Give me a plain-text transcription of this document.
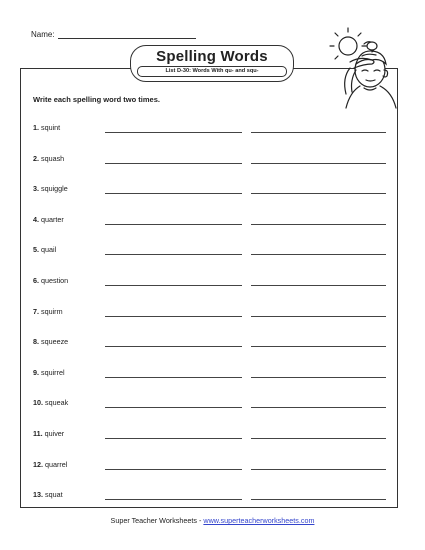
Name:
Spelling Words
List D-30: Words With qu- and squ-
Write each spelling word two times.
1. squint
2. squash
3. squiggle
4. quarter
5. quail
6. question
7. squirm
8. squeeze
9. squirrel
10. squeak
11. quiver
12. quarrel
13. squat
Super Teacher Worksheets - www.superteacherworksheets.com
